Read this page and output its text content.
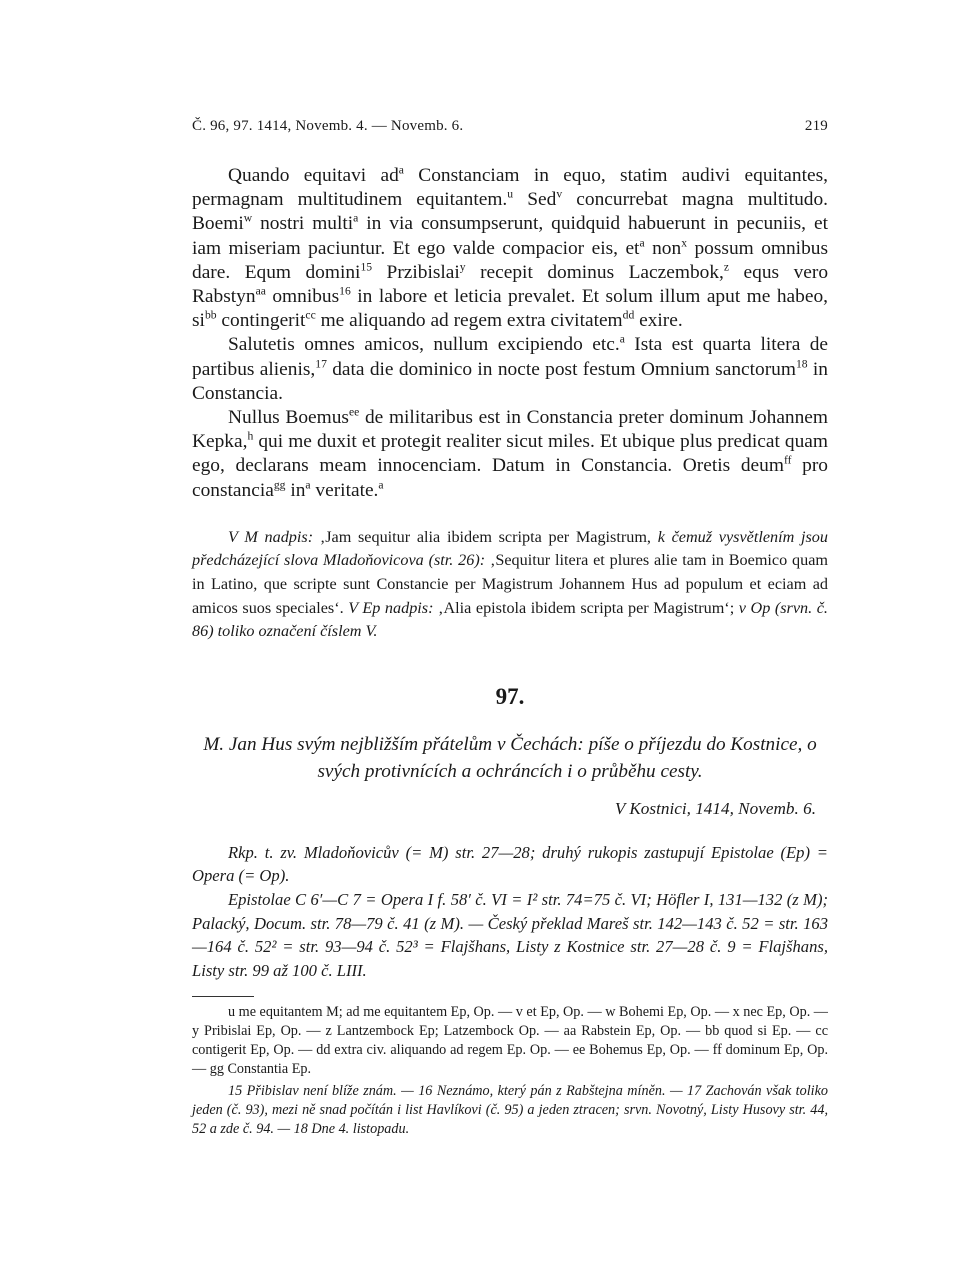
Č. 96, 97. 1414, Novemb. 4. — Novemb. 6.	219

Quando equitavi $ad^a$ Constanciam in equo, statim audivi equitantes, permagnam multitudinem equitantem.$^u$ Sed$^v$ concurrebat magna multitudo. Boemi$^w$ nostri multi$^a$ in via consumpserunt, quidquid habuerunt in pecuniis, et iam miseriam paciuntur. Et ego valde compacior eis, $et^a$ non$^x$ possum omnibus dare. Equm domini$^{15}$ Przibislai$^y$ recepit dominus Laczembok,$^z$ equs vero Rabstyn$^{aa}$ omnibus$^{16}$ in labore et leticia prevalet. Et solum illum aput me habeo, $si^{bb}$ contingerit$^{cc}$ me aliquando ad regem extra civitatem$^{dd}$ exire.

Salutetis omnes amicos, nullum excipiendo etc.$^a$ Ista est quarta litera de partibus alienis,$^{17}$ data die dominico in nocte post festum Omnium sanctorum$^{18}$ in Constancia.

Nullus Boemus$^{ee}$ de militaribus est in Constancia preter dominum Johannem Kepka,$^h$ qui me duxit et protegit realiter sicut miles. Et ubique plus predicat quam ego, declarans meam innocenciam. Datum in Constancia. Oretis deum$^{ff}$ pro constancia$^{gg}$ $in^a$ veritate.$^a$

V M nadpis: ‚Jam sequitur alia ibidem scripta per Magistrum, k čemuž vysvětlením jsou předcházející slova Mladoňovicova (str. 26): ‚Sequitur litera et plures alie tam in Boemico quam in Latino, que scripte sunt Constancie per Magistrum Johannem Hus ad populum et eciam ad amicos suos speciales‘. V Ep nadpis: ‚Alia epistola ibidem scripta per Magistrum‘; v Op (srvn. č. 86) toliko označení číslem V.

97.
M. Jan Hus svým nejbližším přátelům v Čechách: píše o příjezdu do Kostnice, o svých protivnících a ochráncích i o průběhu cesty.
V Kostnici, 1414, Novemb. 6.

Rkp. t. zv. Mladoňovicův (= M) str. 27—28; druhý rukopis zastupují Epistolae (Ep) = Opera (= Op).

Epistolae C 6′—C 7 = Opera I f. 58′ č. VI = I² str. 74=75 č. VI; Höfler I, 131—132 (z M); Palacký, Docum. str. 78—79 č. 41 (z M). — Český překlad Mareš str. 142—143 č. 52 = str. 163—164 č. 52² = str. 93—94 č. 52³ = Flajšhans, Listy z Kostnice str. 27—28 č. 9 = Flajšhans, Listy str. 99 až 100 č. LIII.

u me equitantem M; ad me equitantem Ep, Op. — v et Ep, Op. — w Bohemi Ep, Op. — x nec Ep, Op. — y Pribislai Ep, Op. — z Lantzembock Ep; Latzembock Op. — aa Rabstein Ep, Op. — bb quod si Ep. — cc contigerit Ep, Op. — dd extra civ. aliquando ad regem Ep. Op. — ee Bohemus Ep, Op. — ff dominum Ep, Op. — gg Constantia Ep.

15 Přibislav není blíže znám. — 16 Neznámo, který pán z Rabštejna míněn. — 17 Zachován však toliko jeden (č. 93), mezi ně snad počítán i list Havlíkovi (č. 95) a jeden ztracen; srvn. Novotný, Listy Husovy str. 44, 52 a zde č. 94. — 18 Dne 4. listopadu.
